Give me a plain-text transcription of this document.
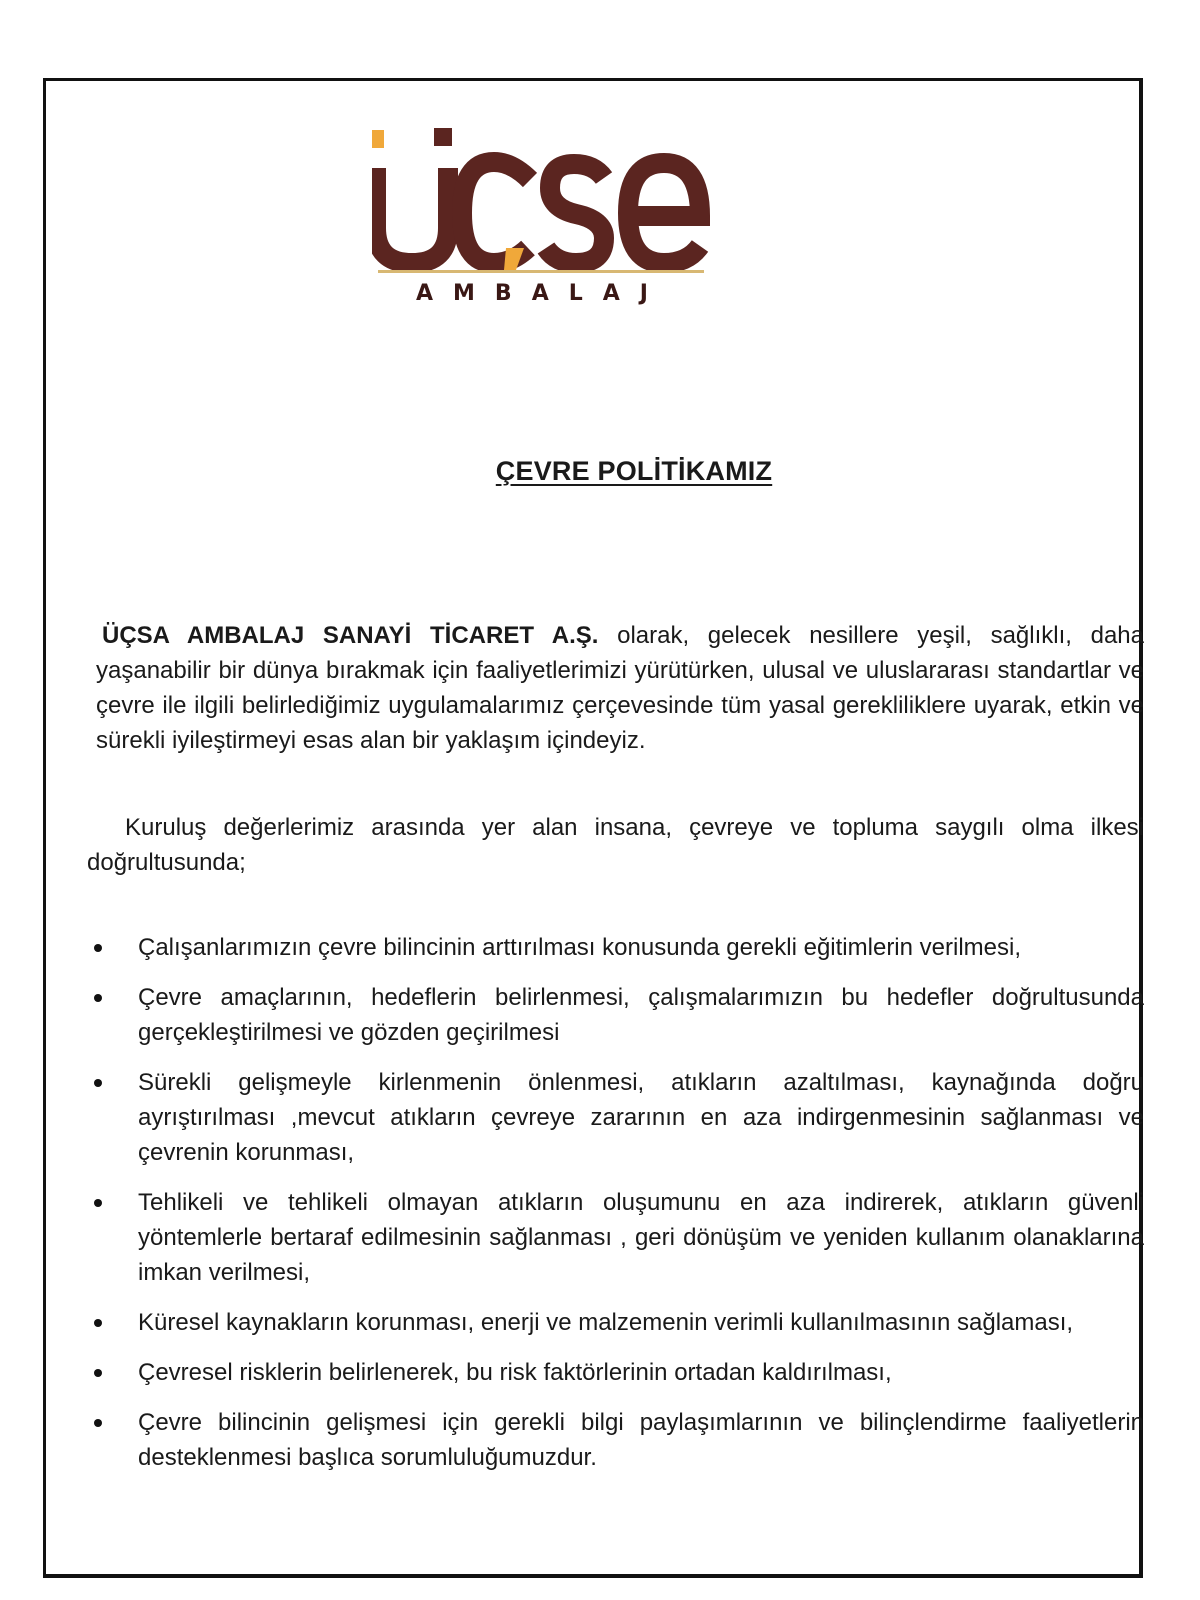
AMBALAJ
ÇEVRE POLİTİKAMIZ

ÜÇSA AMBALAJ SANAYİ TİCARET A.Ş. olarak, gelecek nesillere yeşil, sağlıklı, daha yaşanabilir bir dünya bırakmak için faaliyetlerimizi yürütürken, ulusal ve uluslararası standartlar ve çevre ile ilgili belirlediğimiz uygulamalarımız çerçevesinde tüm yasal gerekliliklere uyarak, etkin ve sürekli iyileştirmeyi esas alan bir yaklaşım içindeyiz.

Kuruluş değerlerimiz arasında yer alan insana, çevreye ve topluma saygılı olma ilkesi doğrultusunda;

Çalışanlarımızın çevre bilincinin arttırılması konusunda gerekli eğitimlerin verilmesi,
Çevre amaçlarının, hedeflerin belirlenmesi, çalışmalarımızın bu hedefler doğrultusunda gerçekleştirilmesi ve gözden geçirilmesi
Sürekli gelişmeyle kirlenmenin önlenmesi, atıkların azaltılması, kaynağında doğru ayrıştırılması ,mevcut atıkların çevreye zararının en aza indirgenmesinin sağlanması ve çevrenin korunması,
Tehlikeli ve tehlikeli olmayan atıkların oluşumunu en aza indirerek, atıkların güvenli yöntemlerle bertaraf edilmesinin sağlanması , geri dönüşüm ve yeniden kullanım olanaklarına imkan verilmesi,
Küresel kaynakların korunması, enerji ve malzemenin verimli kullanılmasının sağlaması,
Çevresel risklerin belirlenerek, bu risk faktörlerinin ortadan kaldırılması,
Çevre bilincinin gelişmesi için gerekli bilgi paylaşımlarının ve bilinçlendirme faaliyetlerin desteklenmesi başlıca sorumluluğumuzdur.
